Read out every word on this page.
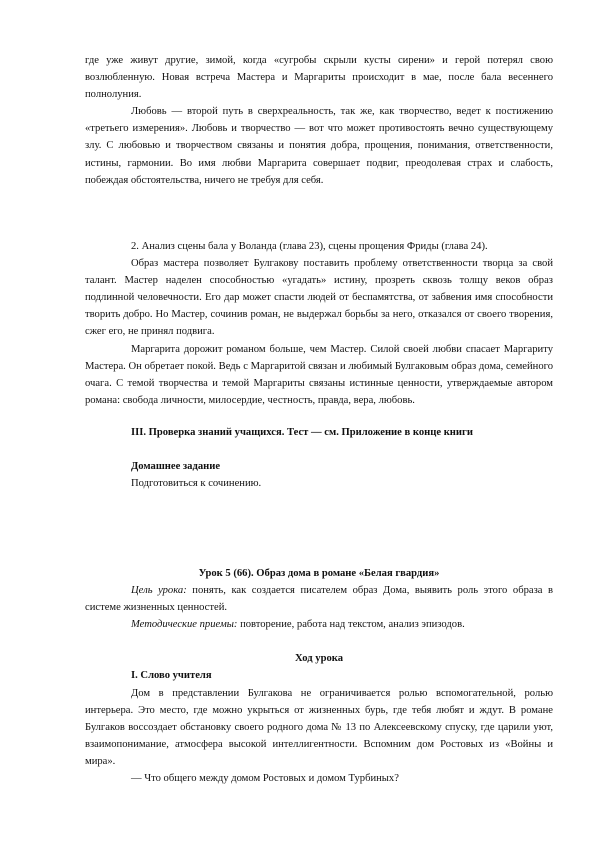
где уже живут другие, зимой, когда «сугробы скрыли кусты сирени» и герой потерял свою возлюбленную. Новая встреча Мастера и Маргариты происходит в мае, после бала весеннего полнолуния.

Любовь — второй путь в сверхреальность, так же, как творчество, ведет к постижению «третьего измерения». Любовь и творчество — вот что может противостоять вечно существующему злу. С любовью и творчеством связаны и понятия добра, прощения, понимания, ответственности, истины, гармонии. Во имя любви Маргарита совершает подвиг, преодолевая страх и слабость, побеждая обстоятельства, ничего не требуя для себя.

2. Анализ сцены бала у Воланда (глава 23), сцены прощения Фриды (глава 24).

Образ мастера позволяет Булгакову поставить проблему ответственности творца за свой талант. Мастер наделен способностью «угадать» истину, прозреть сквозь толщу веков образ подлинной человечности. Его дар может спасти людей от беспамятства, от забвения имя способности творить добро. Но Мастер, сочинив роман, не выдержал борьбы за него, отказался от своего творения, сжег его, не принял подвига.

Маргарита дорожит романом больше, чем Мастер. Силой своей любви спасает Маргариту Мастера. Он обретает покой. Ведь с Маргаритой связан и любимый Булгаковым образ дома, семейного очага. С темой творчества и темой Маргариты связаны истинные ценности, утверждаемые автором романа: свобода личности, милосердие, честность, правда, вера, любовь.

III. Проверка знаний учащихся. Тест — см. Приложение в конце книги

Домашнее задание

Подготовиться к сочинению.

Урок 5 (66). Образ дома в романе «Белая гвардия»

Цель урока: понять, как создается писателем образ Дома, выявить роль этого образа в системе жизненных ценностей.

Методические приемы: повторение, работа над текстом, анализ эпизодов.

Ход урока

I. Слово учителя

Дом в представлении Булгакова не ограничивается ролью вспомогательной, ролью интерьера. Это место, где можно укрыться от жизненных бурь, где тебя любят и ждут. В романе Булгаков воссоздает обстановку своего родного дома № 13 по Алексеевскому спуску, где царили уют, взаимопонимание, атмосфера высокой интеллигентности. Вспомним дом Ростовых из «Войны и мира».

— Что общего между домом Ростовых и домом Турбиных?
